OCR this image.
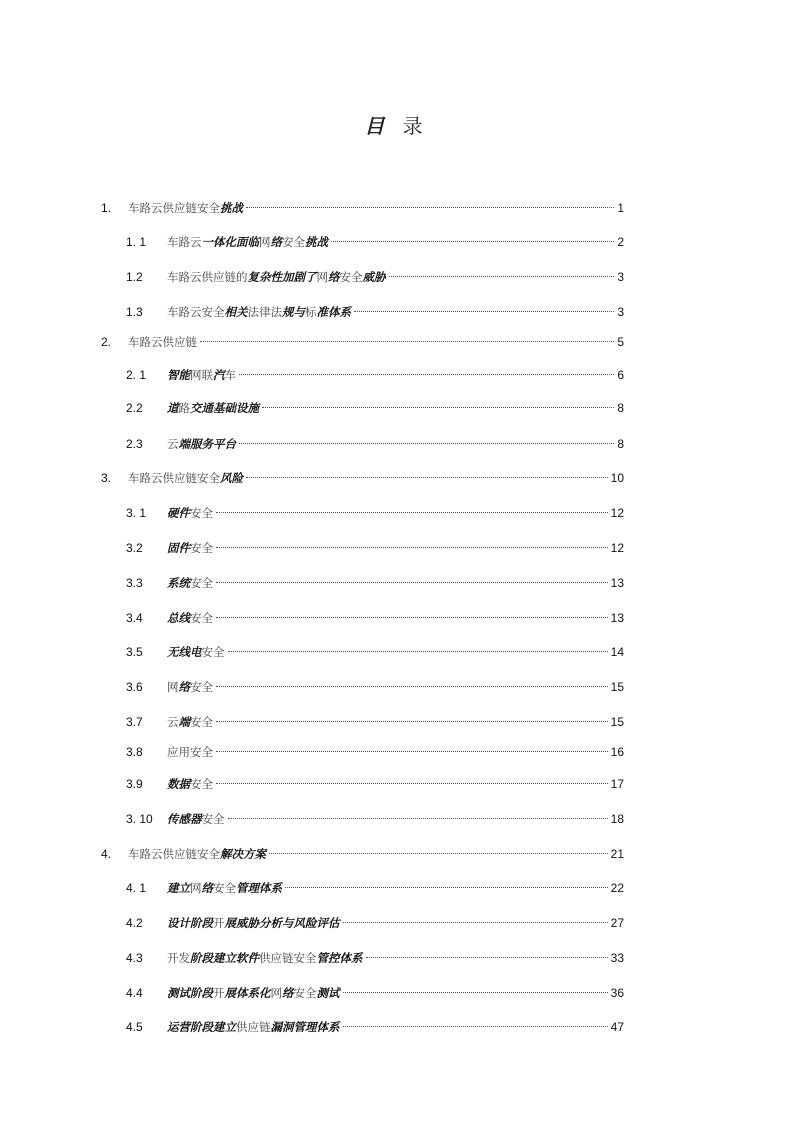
目 录
1.	车路云供应链安全挑战	1
1. 1	车路云一体化面临网络安全挑战	2
1.2	车路云供应链的复杂性加剧了网络安全威胁	3
1.3	车路云安全相关法律法规与标准体系	3
2.	车路云供应链	5
2. 1	智能网联汽车	6
2.2	道路交通基础设施	8
2.3	云端服务平台	8
3.	车路云供应链安全风险	10
3. 1	硬件安全	12
3.2	固件安全	12
3.3	系统安全	13
3.4	总线安全	13
3.5	无线电安全	14
3.6	网络安全	15
3.7	云端安全	15
3.8	应用安全	16
3.9	数据安全	17
3. 10	传感器安全	18
4.	车路云供应链安全解决方案	21
4. 1	建立网络安全管理体系	22
4.2	设计阶段开展威胁分析与风险评估	27
4.3	开发阶段建立软件供应链安全管控体系	33
4.4	测试阶段开展体系化网络安全测试	36
4.5	运营阶段建立供应链漏洞管理体系	47
